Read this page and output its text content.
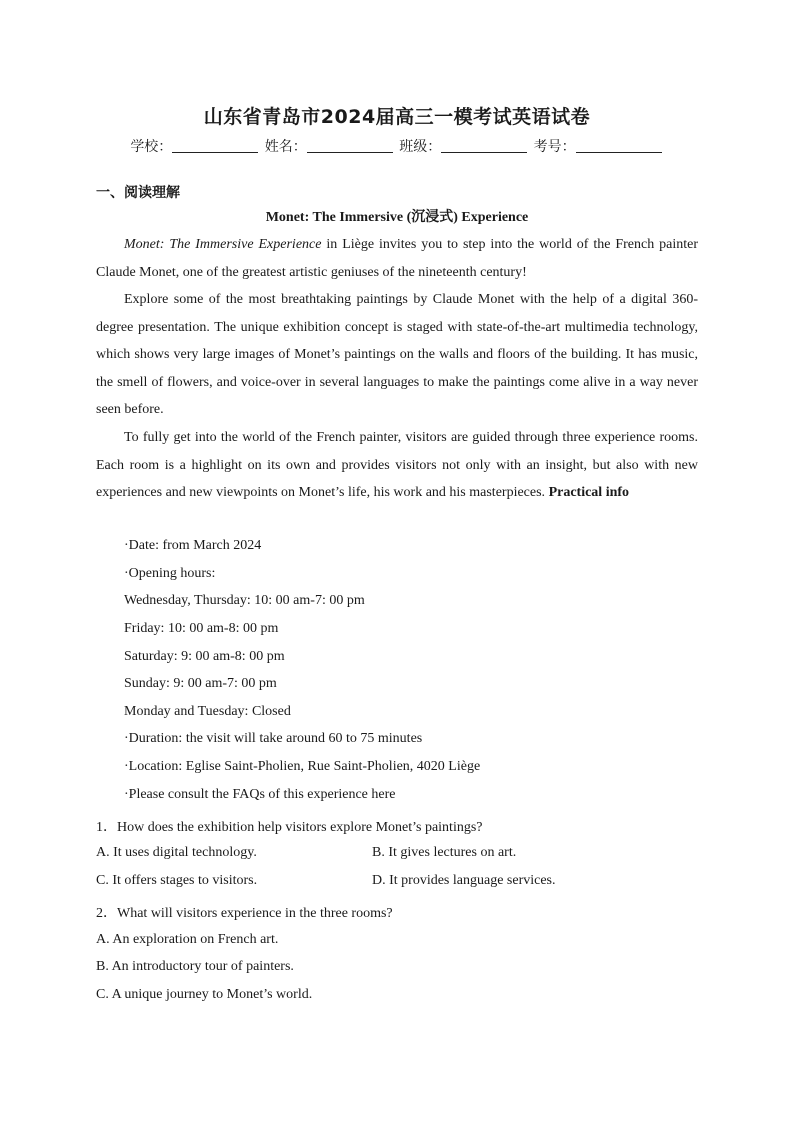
山东省青岛市2024届高三一模考试英语试卷
学校：	姓名：	班级：	考号：
一、阅读理解
Monet: The Immersive (沉浸式) Experience
Monet: The Immersive Experience in Liège invites you to step into the world of the French painter Claude Monet, one of the greatest artistic geniuses of the nineteenth century!
Explore some of the most breathtaking paintings by Claude Monet with the help of a digital 360-degree presentation. The unique exhibition concept is staged with state-of-the-art multimedia technology, which shows very large images of Monet’s paintings on the walls and floors of the building. It has music, the smell of flowers, and voice-over in several languages to make the paintings come alive in a way never seen before.
To fully get into the world of the French painter, visitors are guided through three experience rooms. Each room is a highlight on its own and provides visitors not only with an insight, but also with new experiences and new viewpoints on Monet’s life, his work and his masterpieces. Practical info
·Date: from March 2024
·Opening hours:
Wednesday, Thursday: 10: 00 am-7: 00 pm
Friday: 10: 00 am-8: 00 pm
Saturday: 9: 00 am-8: 00 pm
Sunday: 9: 00 am-7: 00 pm
Monday and Tuesday: Closed
·Duration: the visit will take around 60 to 75 minutes
·Location: Eglise Saint-Pholien, Rue Saint-Pholien, 4020 Liège
·Please consult the FAQs of this experience here
1．How does the exhibition help visitors explore Monet’s paintings?
A. It uses digital technology.	B. It gives lectures on art.
C. It offers stages to visitors.	D. It provides language services.
2．What will visitors experience in the three rooms?
A. An exploration on French art.
B. An introductory tour of painters.
C. A unique journey to Monet’s world.
